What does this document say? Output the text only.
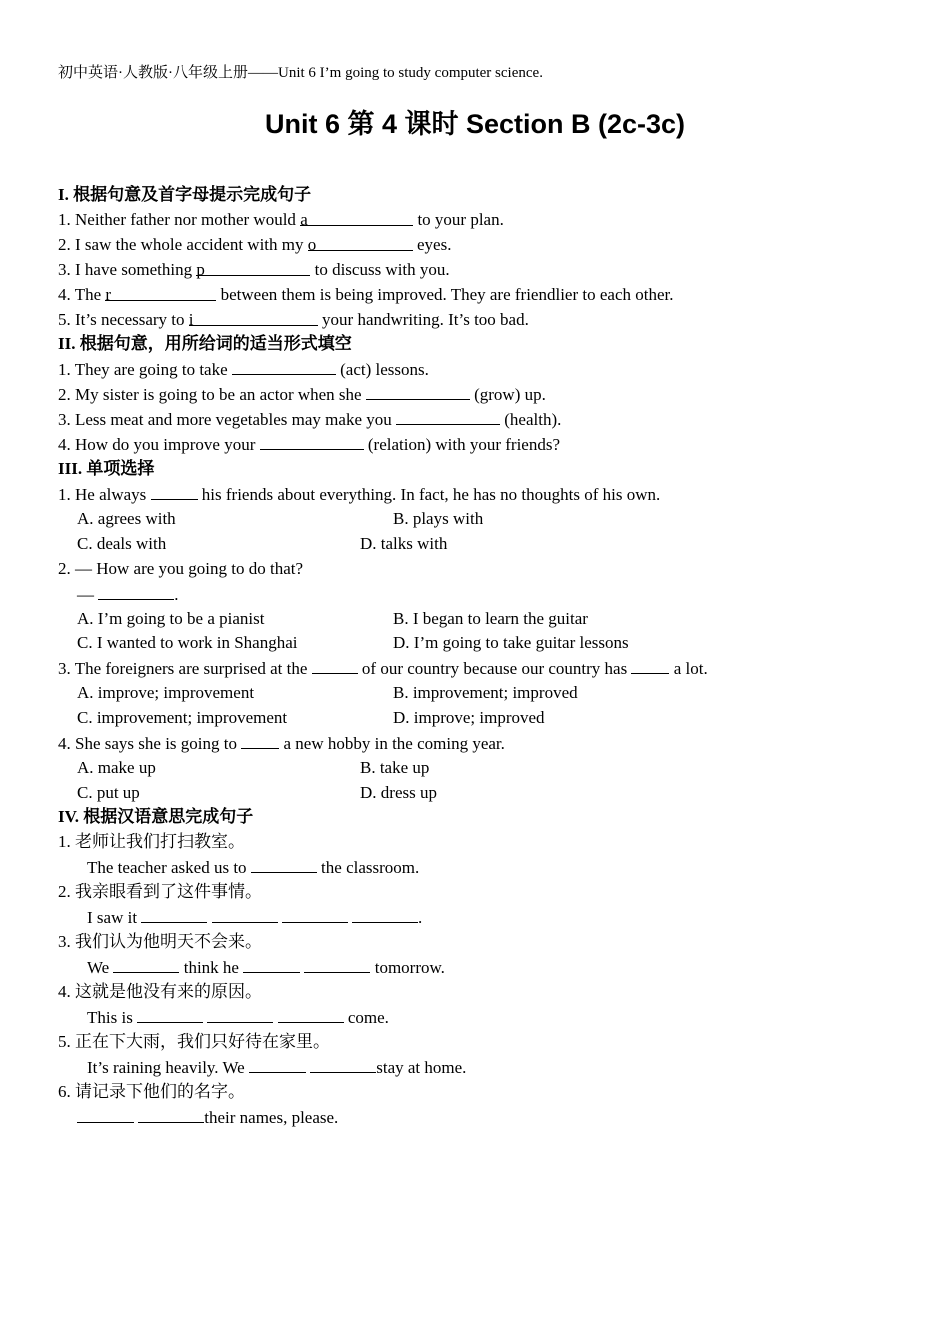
初中英语·人教版·八年级上册——Unit 6 I’m going to study computer science.
Unit 6 第 4 课时 Section B (2c-3c)
I. 根据句意及首字母提示完成句子
1. Neither father nor mother would a	to your plan.
2. I saw the whole accident with my o	eyes.
3. I have something p	to discuss with you.
4. The r	between them is being improved. They are friendlier to each other.
5. It’s necessary to i	your handwriting. It’s too bad.
II. 根据句意，用所给词的适当形式填空
1. They are going to take	(act) lessons.
2. My sister is going to be an actor when she	(grow) up.
3. Less meat and more vegetables may make you	(health).
4. How do you improve your	(relation) with your friends?
III. 单项选择
1. He always	his friends about everything. In fact, he has no thoughts of his own.
A. agrees with	B. plays with
C. deals with	D. talks with
2. — How are you going to do that?
—	.
A. I’m going to be a pianist	B. I began to learn the guitar
C. I wanted to work in Shanghai	D. I’m going to take guitar lessons
3. The foreigners are surprised at the	of our country because our country has  a lot.
A. improve; improvement	B. improvement; improved
C. improvement; improvement	D. improve; improved
4. She says she is going to  a new hobby in the coming year.
A. make up	B. take up
C. put up	D. dress up
IV. 根据汉语意思完成句子
1. 老师让我们打扫教室。
The teacher asked us to	the classroom.
2. 我亲眼看到了这件事情。
I saw it	.
3. 我们认为他明天不会来。
We	think he	tomorrow.
4. 这就是他没有来的原因。
This is	come.
5. 正在下大雨，我们只好待在家里。
It’s raining heavily. We	stay at home.
6. 请记录下他们的名字。
their names, please.
